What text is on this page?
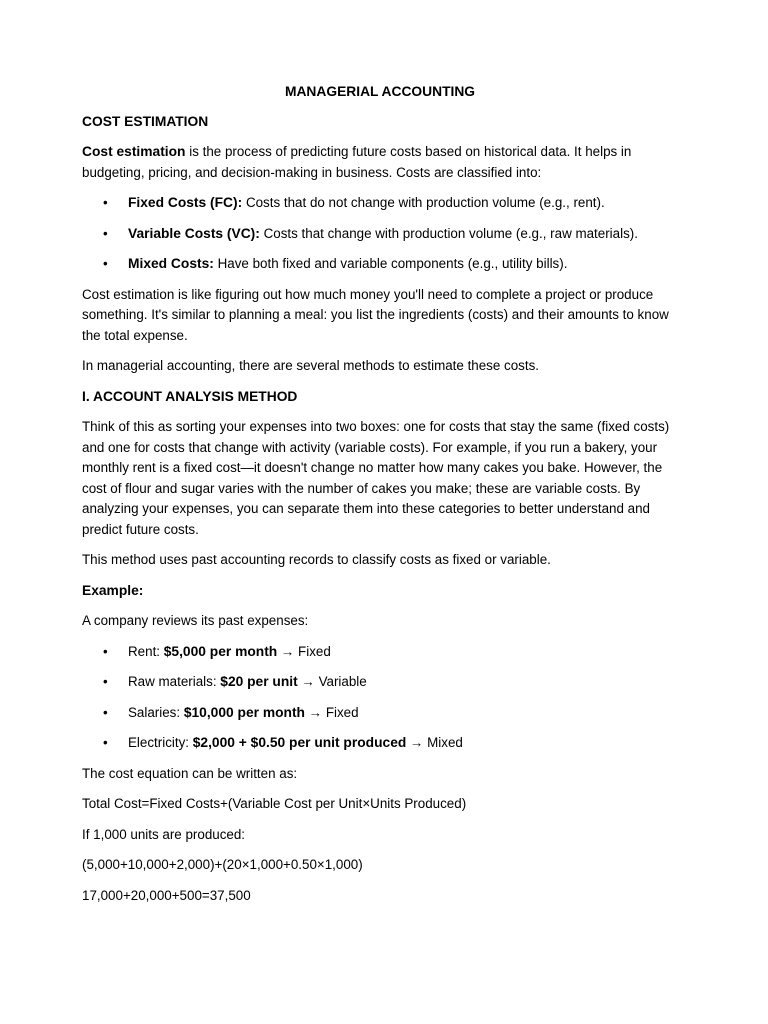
MANAGERIAL ACCOUNTING
COST ESTIMATION

Cost estimation is the process of predicting future costs based on historical data. It helps in budgeting, pricing, and decision-making in business. Costs are classified into:

• Fixed Costs (FC): Costs that do not change with production volume (e.g., rent).
• Variable Costs (VC): Costs that change with production volume (e.g., raw materials).
• Mixed Costs: Have both fixed and variable components (e.g., utility bills).

Cost estimation is like figuring out how much money you'll need to complete a project or produce something. It's similar to planning a meal: you list the ingredients (costs) and their amounts to know the total expense.

In managerial accounting, there are several methods to estimate these costs.

I. ACCOUNT ANALYSIS METHOD

Think of this as sorting your expenses into two boxes: one for costs that stay the same (fixed costs) and one for costs that change with activity (variable costs). For example, if you run a bakery, your monthly rent is a fixed cost—it doesn't change no matter how many cakes you bake. However, the cost of flour and sugar varies with the number of cakes you make; these are variable costs. By analyzing your expenses, you can separate them into these categories to better understand and predict future costs.

This method uses past accounting records to classify costs as fixed or variable.

Example:

A company reviews its past expenses:

• Rent: $5,000 per month → Fixed
• Raw materials: $20 per unit → Variable
• Salaries: $10,000 per month → Fixed
• Electricity: $2,000 + $0.50 per unit produced → Mixed

The cost equation can be written as:

Total Cost=Fixed Costs+(Variable Cost per Unit×Units Produced)

If 1,000 units are produced:

(5,000+10,000+2,000)+(20×1,000+0.50×1,000)

17,000+20,000+500=37,500
